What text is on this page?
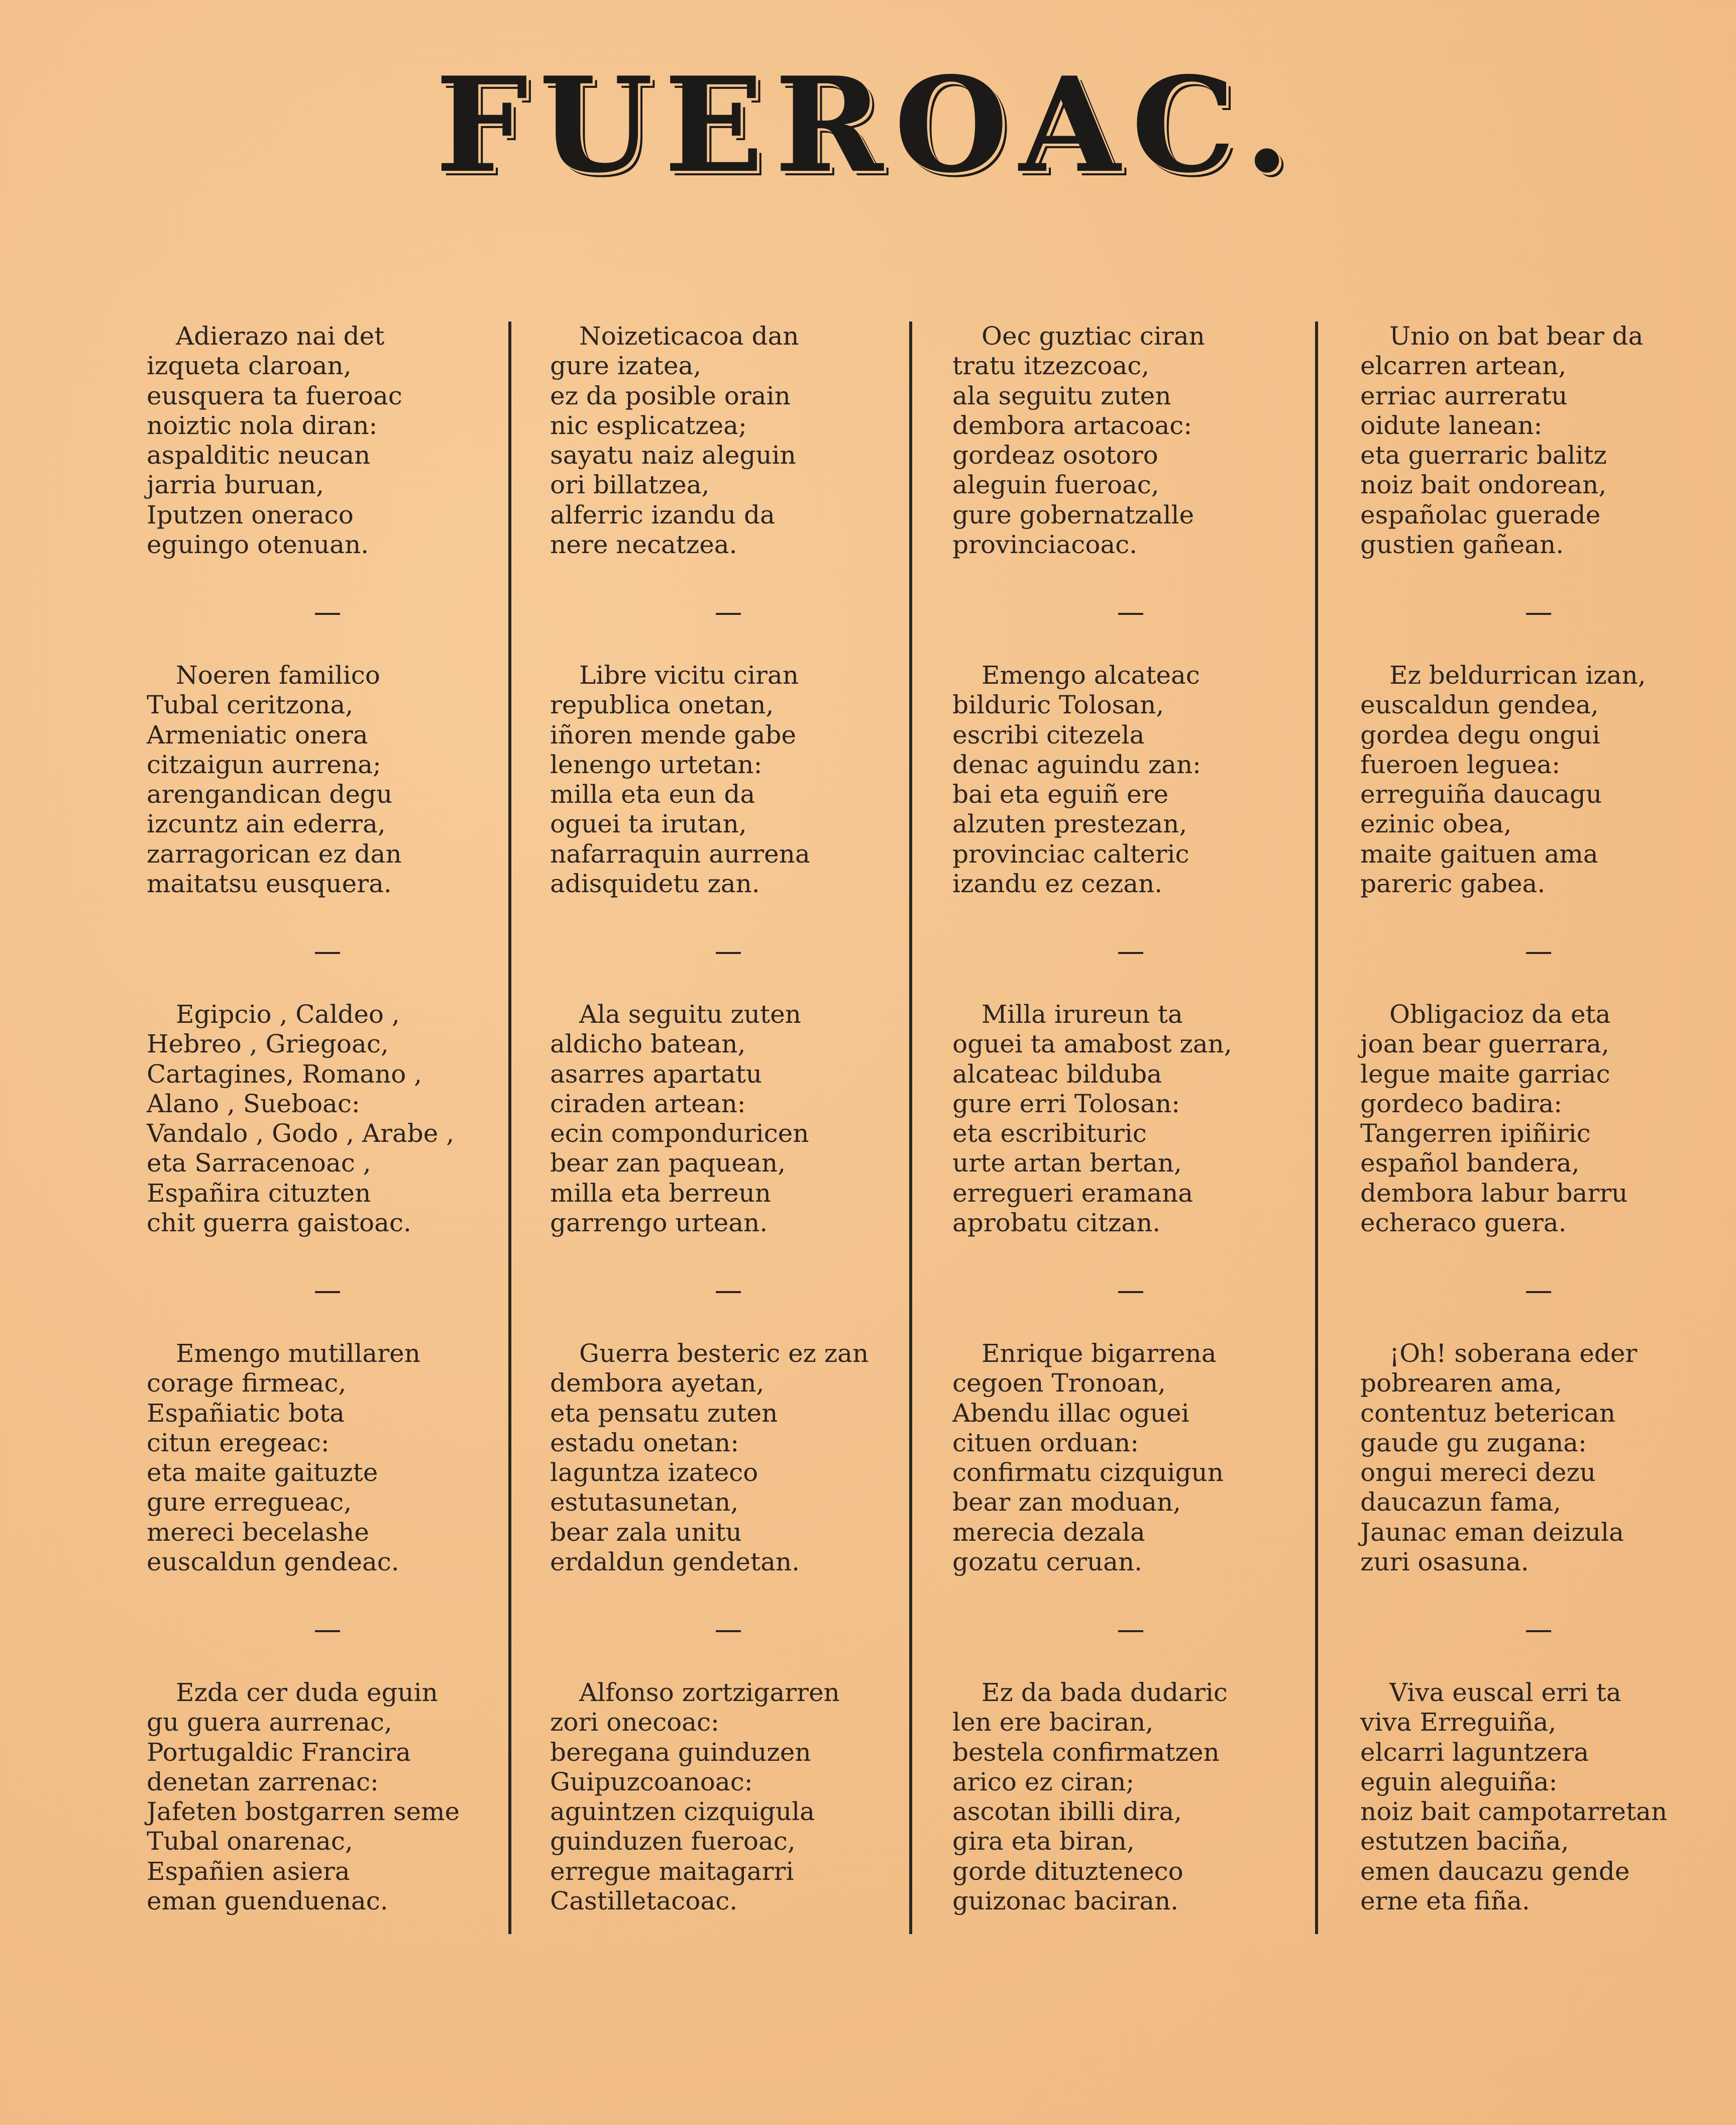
FUEROAC.
Adierazo nai det
izqueta claroan,
eusquera ta fueroac
noiztic nola diran:
aspalditic neucan
jarria buruan,
Iputzen oneraco
eguingo otenuan.
Noeren familico
Tubal ceritzona,
Armeniatic onera
citzaigun aurrena;
arengandican degu
izcuntz ain ederra,
zarragorican ez dan
maitatsu eusquera.
Egipcio , Caldeo ,
Hebreo , Griegoac,
Cartagines, Romano ,
Alano , Sueboac:
Vandalo , Godo , Arabe ,
eta Sarracenoac ,
Españira cituzten
chit guerra gaistoac.
Emengo mutillaren
corage firmeac,
Españiatic bota
citun eregeac:
eta maite gaituzte
gure erregueac,
mereci becelashe
euscaldun gendeac.
Ezda cer duda eguin
gu guera aurrenac,
Portugaldic Francira
denetan zarrenac:
Jafeten bostgarren seme
Tubal onarenac,
Españien asiera
eman guenduenac.
Noizeticacoa dan
gure izatea,
ez da posible orain
nic esplicatzea;
sayatu naiz aleguin
ori billatzea,
alferric izandu da
nere necatzea.
Libre vicitu ciran
republica onetan,
iñoren mende gabe
lenengo urtetan:
milla eta eun da
oguei ta irutan,
nafarraquin aurrena
adisquidetu zan.
Ala seguitu zuten
aldicho batean,
asarres apartatu
ciraden artean:
ecin componduricen
bear zan paquean,
milla eta berreun
garrengo urtean.
Guerra besteric ez zan
dembora ayetan,
eta pensatu zuten
estadu onetan:
laguntza izateco
estutasunetan,
bear zala unitu
erdaldun gendetan.
Alfonso zortzigarren
zori onecoac:
beregana guinduzen
Guipuzcoanoac:
aguintzen cizquigula
guinduzen fueroac,
erregue maitagarri
Castilletacoac.
Oec guztiac ciran
tratu itzezcoac,
ala seguitu zuten
dembora artacoac:
gordeaz osotoro
aleguin fueroac,
gure gobernatzalle
provinciacoac.
Emengo alcateac
bilduric Tolosan,
escribi citezela
denac aguindu zan:
bai eta eguiñ ere
alzuten prestezan,
provinciac calteric
izandu ez cezan.
Milla irureun ta
oguei ta amabost zan,
alcateac bilduba
gure erri Tolosan:
eta escribituric
urte artan bertan,
erregueri eramana
aprobatu citzan.
Enrique bigarrena
cegoen Tronoan,
Abendu illac oguei
cituen orduan:
confirmatu cizquigun
bear zan moduan,
merecia dezala
gozatu ceruan.
Ez da bada dudaric
len ere baciran,
bestela confirmatzen
arico ez ciran;
ascotan ibilli dira,
gira eta biran,
gorde dituzteneco
guizonac baciran.
Unio on bat bear da
elcarren artean,
erriac aurreratu
oidute lanean:
eta guerraric balitz
noiz bait ondorean,
españolac guerade
gustien gañean.
Ez beldurrican izan,
euscaldun gendea,
gordea degu ongui
fueroen leguea:
erreguiña daucagu
ezinic obea,
maite gaituen ama
pareric gabea.
Obligacioz da eta
joan bear guerrara,
legue maite garriac
gordeco badira:
Tangerren ipiñiric
español bandera,
dembora labur barru
echeraco guera.
¡Oh! soberana eder
pobrearen ama,
contentuz beterican
gaude gu zugana:
ongui mereci dezu
daucazun fama,
Jaunac eman deizula
zuri osasuna.
Viva euscal erri ta
viva Erreguiña,
elcarri laguntzera
eguin aleguiña:
noiz bait campotarretan
estutzen baciña,
emen daucazu gende
erne eta fiña.
